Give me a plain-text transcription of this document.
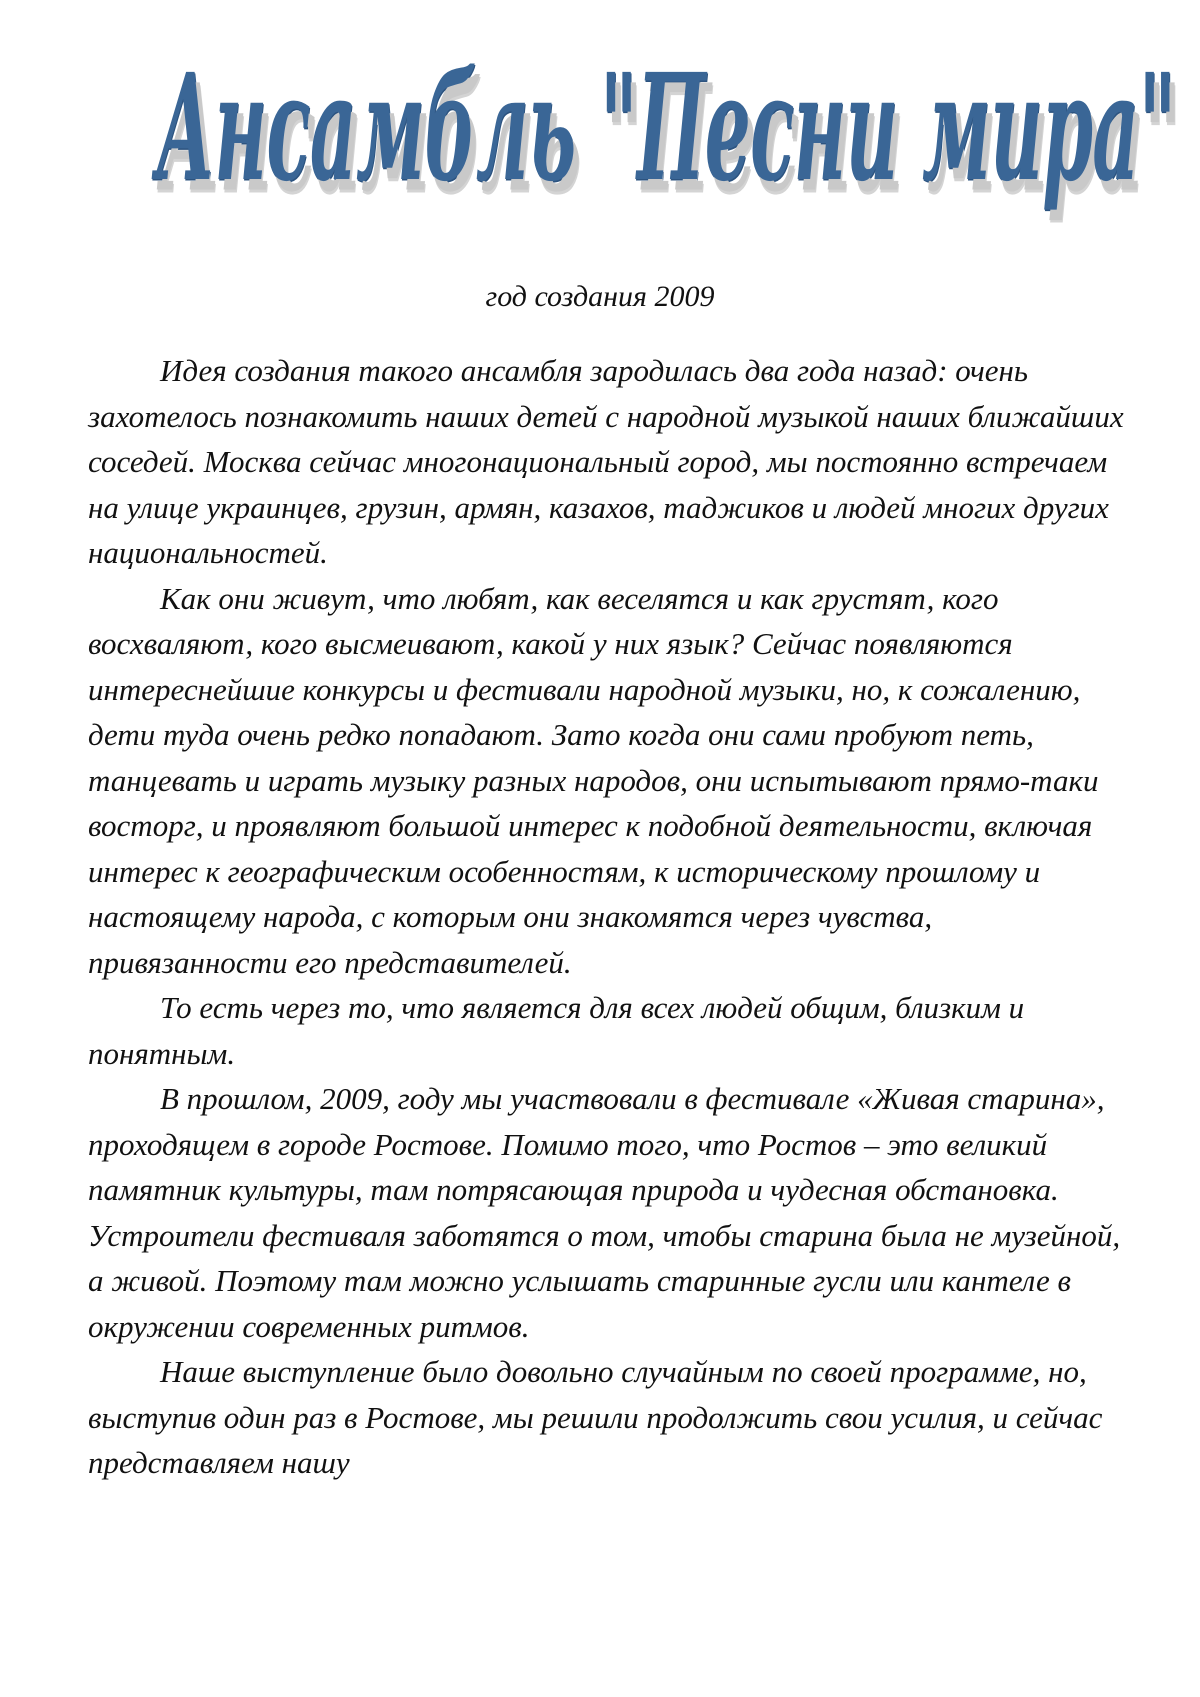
Ансамбль "Песни мира"
год создания 2009

Идея создания такого ансамбля зародилась два года назад: очень захотелось познакомить наших детей с народной музыкой наших ближайших соседей. Москва сейчас многонациональный город, мы постоянно встречаем на улице украинцев, грузин, армян, казахов, таджиков и людей многих других национальностей.

Как они живут, что любят, как веселятся и как грустят, кого восхваляют, кого высмеивают, какой у них язык? Сейчас появляются интереснейшие конкурсы и фестивали народной музыки, но, к сожалению, дети туда очень редко попадают. Зато когда они сами пробуют петь, танцевать и играть музыку разных народов, они испытывают прямо-таки восторг, и проявляют большой интерес к подобной деятельности, включая интерес к географическим особенностям, к историческому прошлому и настоящему народа, с которым они знакомятся через чувства, привязанности его представителей.

То есть через то, что является для всех людей общим, близким и понятным.

В прошлом, 2009, году мы участвовали в фестивале «Живая старина», проходящем в городе Ростове. Помимо того, что Ростов – это великий памятник культуры, там потрясающая природа и чудесная обстановка. Устроители фестиваля заботятся о том, чтобы старина была не музейной, а живой. Поэтому там можно услышать старинные гусли или кантеле в окружении современных ритмов.

Наше выступление было довольно случайным по своей программе, но, выступив один раз в Ростове, мы решили продолжить свои усилия, и сейчас представляем нашу
